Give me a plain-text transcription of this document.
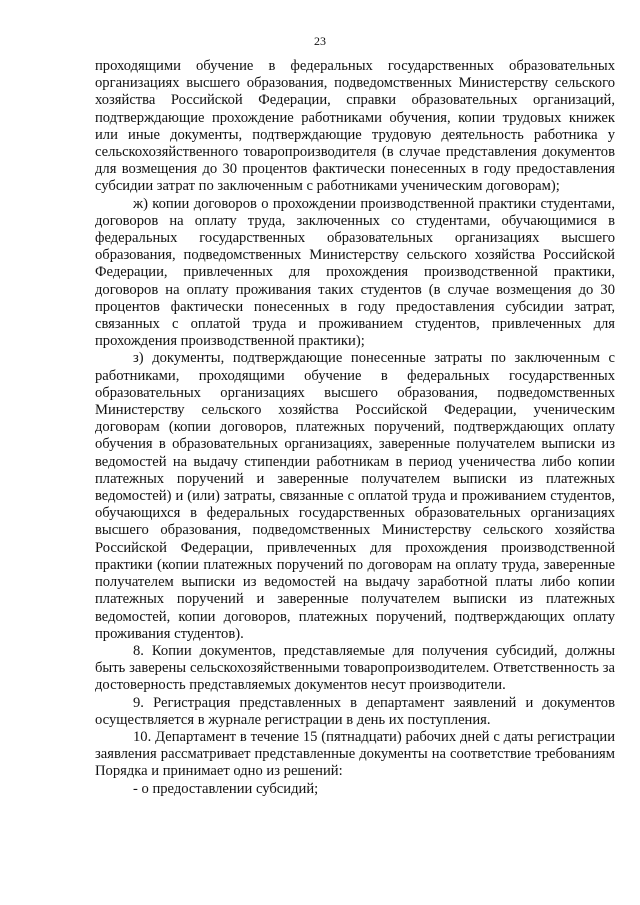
23

проходящими обучение в федеральных государственных образовательных организациях высшего образования, подведомственных Министерству сельского хозяйства Российской Федерации, справки образовательных организаций, подтверждающие прохождение работниками обучения, копии трудовых книжек или иные документы, подтверждающие трудовую деятельность работника у сельскохозяйственного товаропроизводителя (в случае представления документов для возмещения до 30 процентов фактически понесенных в году предоставления субсидии затрат по заключенным с работниками ученическим договорам);

ж) копии договоров о прохождении производственной практики студентами, договоров на оплату труда, заключенных со студентами, обучающимися в федеральных государственных образовательных организациях высшего образования, подведомственных Министерству сельского хозяйства Российской Федерации, привлеченных для прохождения производственной практики, договоров на оплату проживания таких студентов (в случае возмещения до 30 процентов фактически понесенных в году предоставления субсидии затрат, связанных с оплатой труда и проживанием студентов, привлеченных для прохождения производственной практики);

з) документы, подтверждающие понесенные затраты по заключенным с работниками, проходящими обучение в федеральных государственных образовательных организациях высшего образования, подведомственных Министерству сельского хозяйства Российской Федерации, ученическим договорам (копии договоров, платежных поручений, подтверждающих оплату обучения в образовательных организациях, заверенные получателем выписки из ведомостей на выдачу стипендии работникам в период ученичества либо копии платежных поручений и заверенные получателем выписки из платежных ведомостей) и (или) затраты, связанные с оплатой труда и проживанием студентов, обучающихся в федеральных государственных образовательных организациях высшего образования, подведомственных Министерству сельского хозяйства Российской Федерации, привлеченных для прохождения производственной практики (копии платежных поручений по договорам на оплату труда, заверенные получателем выписки из ведомостей на выдачу заработной платы либо копии платежных поручений и заверенные получателем выписки из платежных ведомостей, копии договоров, платежных поручений, подтверждающих оплату проживания студентов).

8. Копии документов, представляемые для получения субсидий, должны быть заверены сельскохозяйственными товаропроизводителем. Ответственность за достоверность представляемых документов несут производители.

9. Регистрация представленных в департамент заявлений и документов осуществляется в журнале регистрации в день их поступления.

10. Департамент в течение 15 (пятнадцати) рабочих дней с даты регистрации заявления рассматривает представленные документы на соответствие требованиям Порядка и принимает одно из решений:

- о предоставлении субсидий;
